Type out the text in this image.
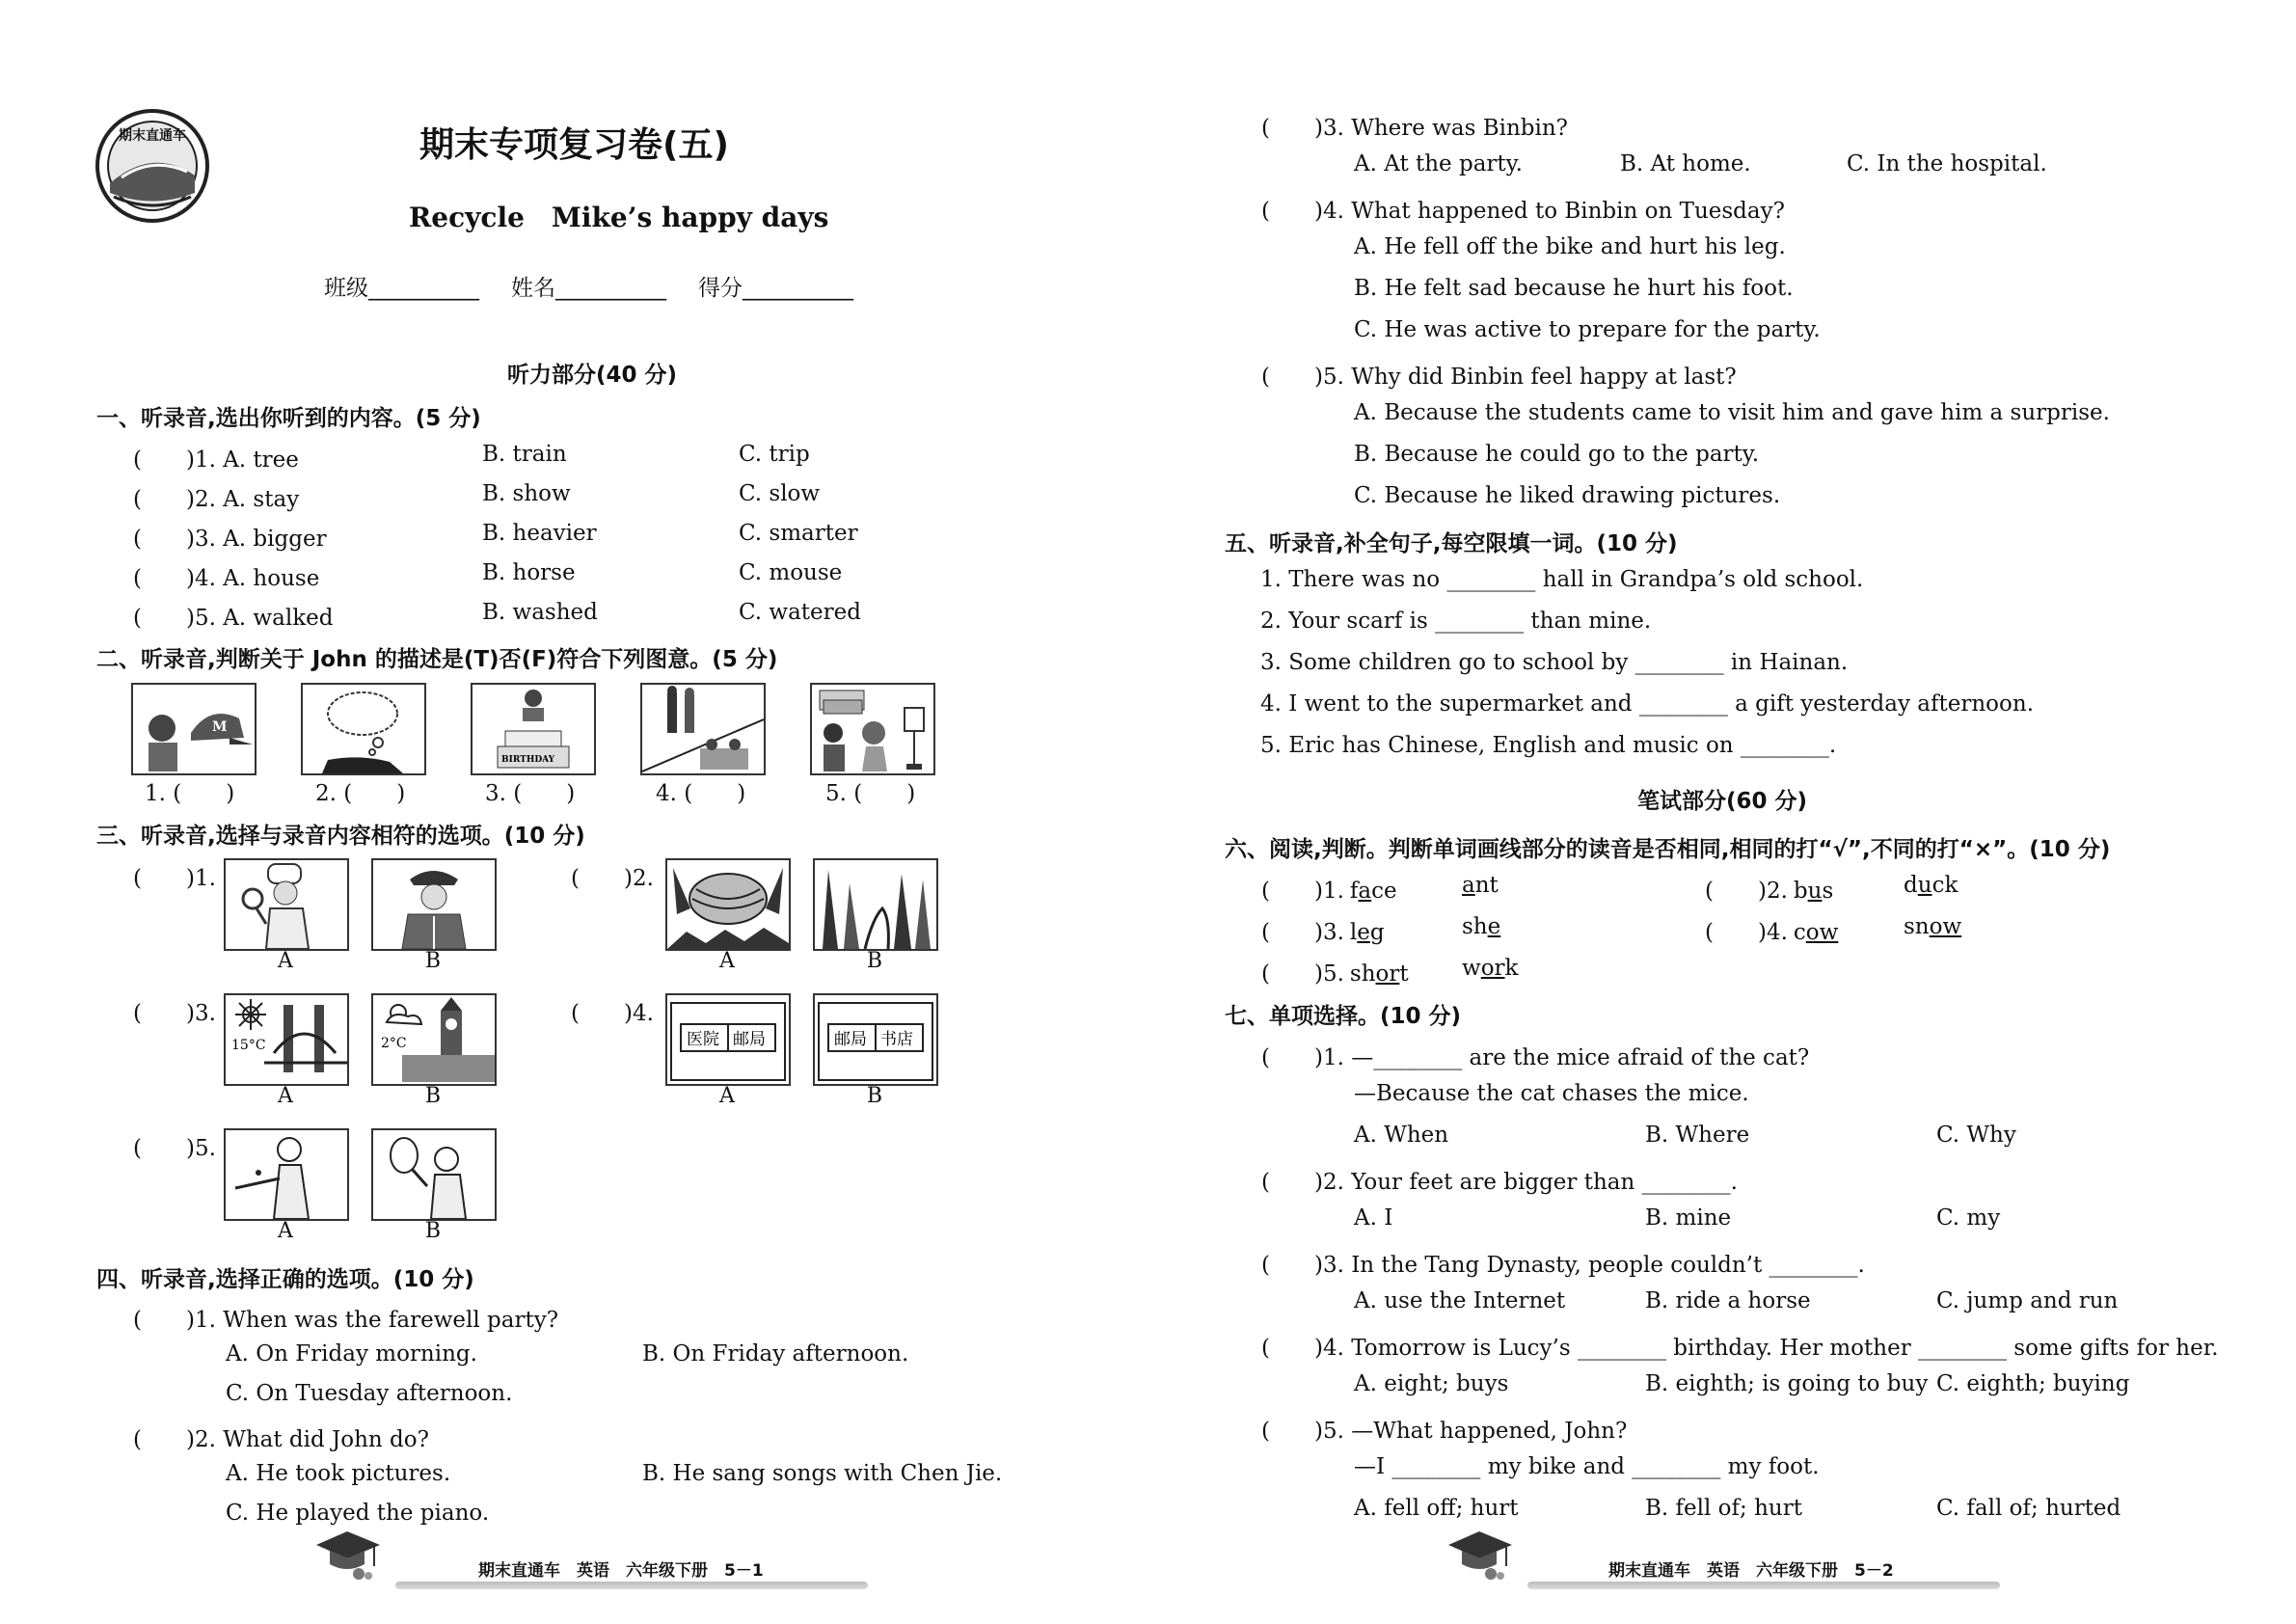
期末直通车	期末专项复习卷(五)
Recycle　Mike’s happy days
班级__________ 姓名__________ 得分__________
听力部分(40 分)
一、听录音,选出你听到的内容。(5 分)
(　　)1. A. tree	B. train	C. trip
(　　)2. A. stay	B. show	C. slow
(　　)3. A. bigger	B. heavier	C. smarter
(　　)4. A. house	B. horse	C. mouse
(　　)5. A. walked	B. washed	C. watered
二、听录音,判断关于 John 的描述是(T)否(F)符合下列图意。(5 分)
M
BIRTHDAY
1. (　　)	2. (　　)	3. (　　)	4. (　　)	5. (　　)
三、听录音,选择与录音内容相符的选项。(10 分)
(　　)1.
A	B
(　　)2.
A	B
(　　)3.
15°C	2°C
A	B
(　　)4.
医院 邮局	邮局 书店
A	B
(　　)5.
A	B
四、听录音,选择正确的选项。(10 分)
(　　)1. When was the farewell party?
A. On Friday morning.	B. On Friday afternoon.
C. On Tuesday afternoon.
(　　)2. What did John do?
A. He took pictures.	B. He sang songs with Chen Jie.
C. He played the piano.
期末直通车　英语　六年级下册　5－1
(　　)3. Where was Binbin?
A. At the party.	B. At home.	C. In the hospital.
(　　)4. What happened to Binbin on Tuesday?
A. He fell off the bike and hurt his leg.
B. He felt sad because he hurt his foot.
C. He was active to prepare for the party.
(　　)5. Why did Binbin feel happy at last?
A. Because the students came to visit him and gave him a surprise.
B. Because he could go to the party.
C. Because he liked drawing pictures.
五、听录音,补全句子,每空限填一词。(10 分)
1. There was no ________ hall in Grandpa’s old school.
2. Your scarf is ________ than mine.
3. Some children go to school by ________ in Hainan.
4. I went to the supermarket and ________ a gift yesterday afternoon.
5. Eric has Chinese, English and music on ________.
笔试部分(60 分)
六、阅读,判断。判断单词画线部分的读音是否相同,相同的打“√”,不同的打“×”。(10 分)
(　　)1. face	ant	(　　)2. bus	duck
(　　)3. leg	she	(　　)4. cow	snow
(　　)5. short work
七、单项选择。(10 分)
(　　)1. —________ are the mice afraid of the cat?
—Because the cat chases the mice.
A. When	B. Where	C. Why
(　　)2. Your feet are bigger than ________.
A. I	B. mine	C. my
(　　)3. In the Tang Dynasty, people couldn’t ________.
A. use the Internet	B. ride a horse	C. jump and run
(　　)4. Tomorrow is Lucy’s ________ birthday. Her mother ________ some gifts for her.
A. eight; buys	B. eighth; is going to buy C. eighth; buying
(　　)5. —What happened, John?
—I ________ my bike and ________ my foot.
A. fell off; hurt	B. fell of; hurt	C. fall of; hurted
期末直通车　英语　六年级下册　5－2
